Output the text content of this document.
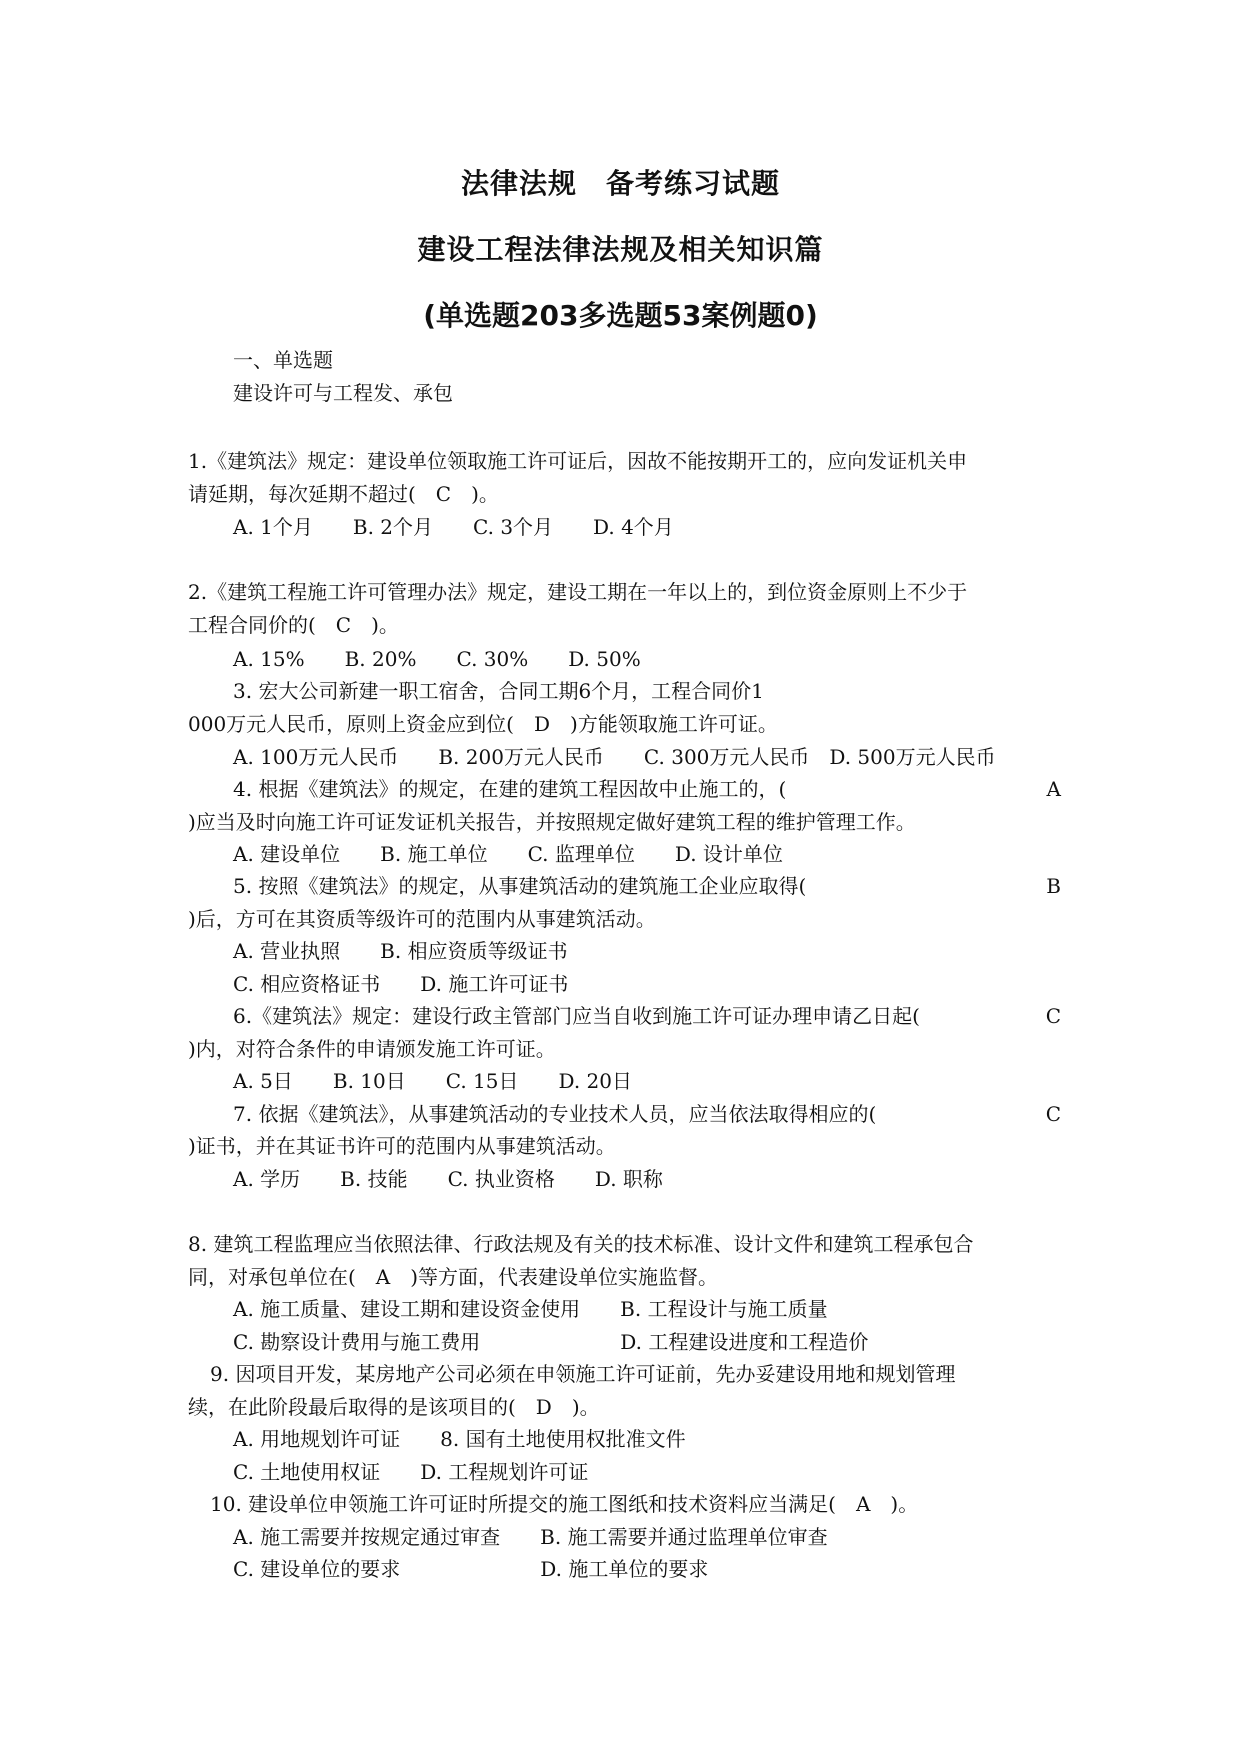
法律法规　备考练习试题
建设工程法律法规及相关知识篇
(单选题203多选题53案例题0)
一、单选题
建设许可与工程发、承包
1.《建筑法》规定：建设单位领取施工许可证后，因故不能按期开工的，应向发证机关申
请延期，每次延期不超过(　C　)。
A. 1个月　　B. 2个月　　C. 3个月　　D. 4个月
2.《建筑工程施工许可管理办法》规定，建设工期在一年以上的，到位资金原则上不少于
工程合同价的(　C　)。
A. 15%　　B. 20%　　C. 30%　　D. 50%
3. 宏大公司新建一职工宿舍，合同工期6个月，工程合同价1
000万元人民币，原则上资金应到位(　D　)方能领取施工许可证。
A. 100万元人民币　　B. 200万元人民币　　C. 300万元人民币　D. 500万元人民币
4. 根据《建筑法》的规定，在建的建筑工程因故中止施工的，(	A
)应当及时向施工许可证发证机关报告，并按照规定做好建筑工程的维护管理工作。
A. 建设单位　　B. 施工单位　　C. 监理单位　　D. 设计单位
5. 按照《建筑法》的规定，从事建筑活动的建筑施工企业应取得(	B
)后，方可在其资质等级许可的范围内从事建筑活动。
A. 营业执照　　B. 相应资质等级证书
C. 相应资格证书　　D. 施工许可证书
6.《建筑法》规定：建设行政主管部门应当自收到施工许可证办理申请乙日起(	C
)内，对符合条件的申请颁发施工许可证。
A. 5日　　B. 10日　　C. 15日　　D. 20日
7. 依据《建筑法》，从事建筑活动的专业技术人员，应当依法取得相应的(	C
)证书，并在其证书许可的范围内从事建筑活动。
A. 学历　　B. 技能　　C. 执业资格　　D. 职称
8. 建筑工程监理应当依照法律、行政法规及有关的技术标准、设计文件和建筑工程承包合
同，对承包单位在(　A　)等方面，代表建设单位实施监督。
A. 施工质量、建设工期和建设资金使用　　B. 工程设计与施工质量
C. 勘察设计费用与施工费用　　　　　　　D. 工程建设进度和工程造价
9. 因项目开发，某房地产公司必须在申领施工许可证前，先办妥建设用地和规划管理
续，在此阶段最后取得的是该项目的(　D　)。
A. 用地规划许可证　　8. 国有土地使用权批准文件
C. 土地使用权证　　D. 工程规划许可证
10. 建设单位申领施工许可证时所提交的施工图纸和技术资料应当满足(　A　)。
A. 施工需要并按规定通过审查　　B. 施工需要并通过监理单位审查
C. 建设单位的要求　　　　　　　D. 施工单位的要求
